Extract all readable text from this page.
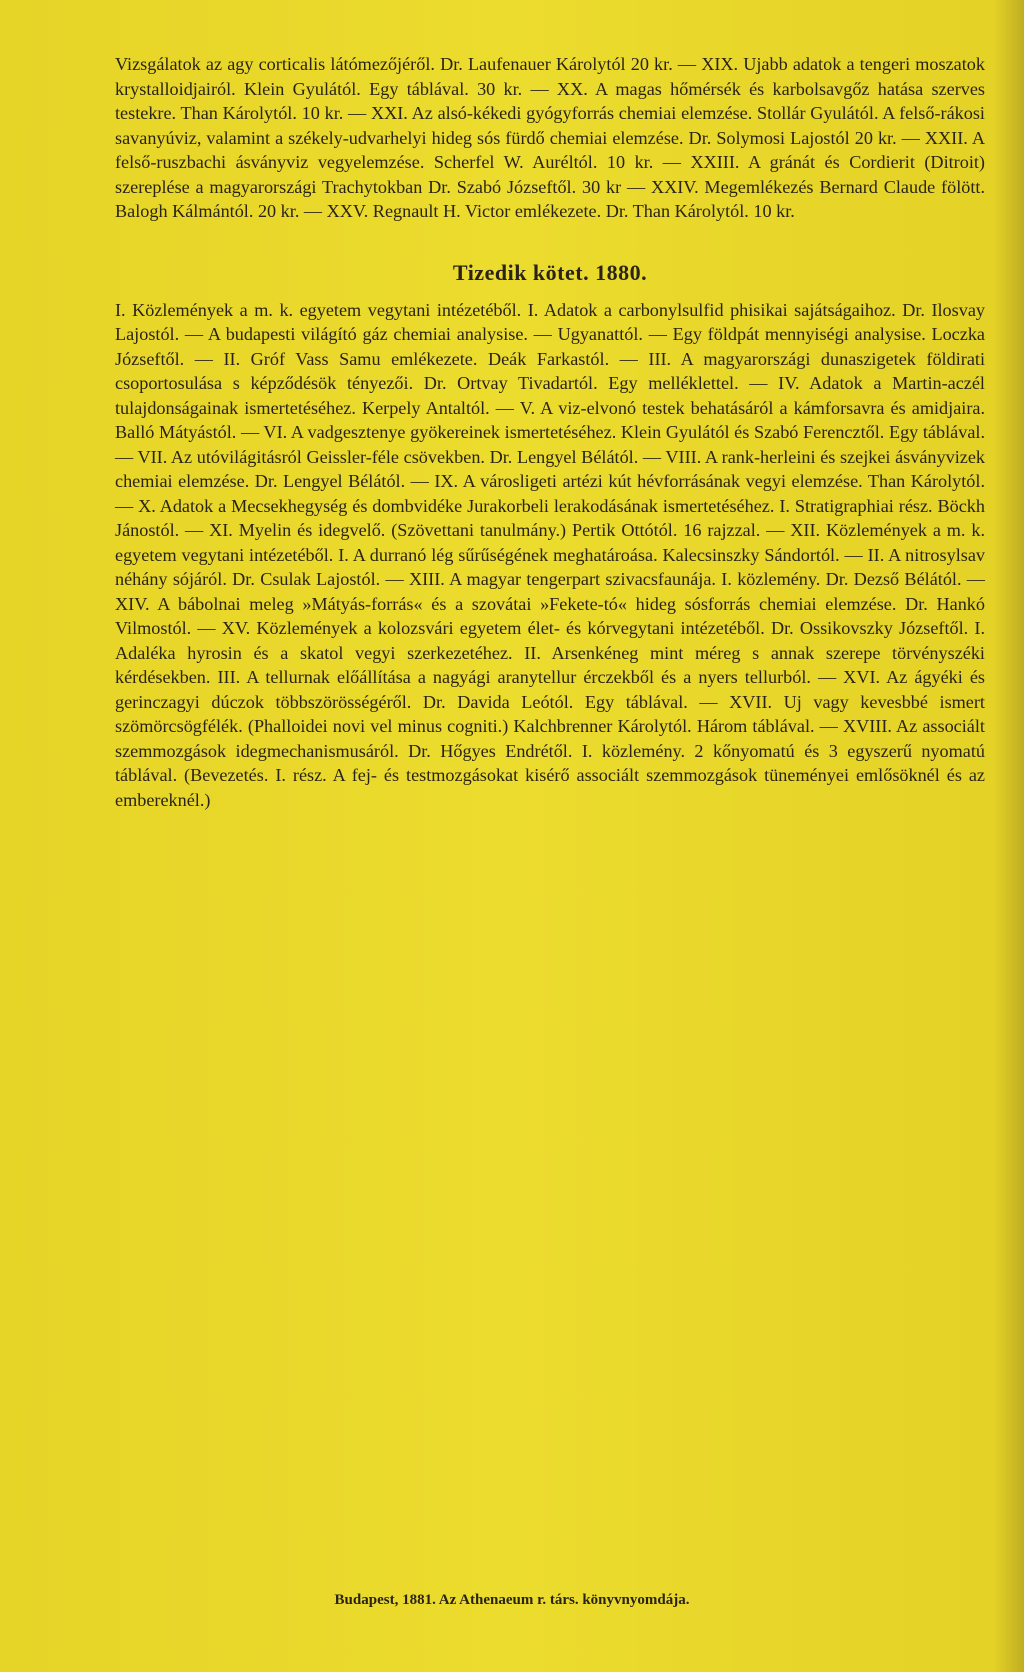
Vizsgálatok az agy corticalis látómezőjéről. Dr. Laufenauer Károlytól 20 kr. — XIX. Ujabb adatok a tengeri moszatok krystalloidjairól. Klein Gyulától. Egy táblával. 30 kr. — XX. A magas hőmérsék és karbolsavgőz hatása szerves testekre. Than Károlytól. 10 kr. — XXI. Az alsó-kékedi gyógyforrás chemiai elemzése. Stollár Gyulától. A felső-rákosi savanyúviz, valamint a székely-udvarhelyi hideg sós fürdő chemiai elemzése. Dr. Solymosi Lajostól 20 kr. — XXII. A felső-ruszbachi ásványviz vegyelemzése. Scherfel W. Auréltól. 10 kr. — XXIII. A gránát és Cordierit (Ditroit) szereplése a magyarországi Trachytokban Dr. Szabó Józseftől. 30 kr — XXIV. Megemlékezés Bernard Claude fölött. Balogh Kálmántól. 20 kr. — XXV. Regnault H. Victor emlékezete. Dr. Than Károlytól. 10 kr.

Tizedik kötet. 1880.

I. Közlemények a m. k. egyetem vegytani intézetéből. I. Adatok a carbonylsulfid phisikai sajátságaihoz. Dr. Ilosvay Lajostól. — A budapesti világító gáz chemiai analysise. — Ugyanattól. — Egy földpát mennyiségi analysise. Loczka Józseftől. — II. Gróf Vass Samu emlékezete. Deák Farkastól. — III. A magyarországi dunaszigetek földirati csoportosulása s képződésök tényezői. Dr. Ortvay Tivadartól. Egy melléklettel. — IV. Adatok a Martin-aczél tulajdonságainak ismertetéséhez. Kerpely Antaltól. — V. A viz-elvonó testek behatásáról a kámforsavra és amidjaira. Balló Mátyástól. — VI. A vadgesztenye gyökereinek ismertetéséhez. Klein Gyulától és Szabó Ferencztől. Egy táblával. — VII. Az utóvilágitásról Geissler-féle csövekben. Dr. Lengyel Bélától. — VIII. A rank-herleini és szejkei ásványvizek chemiai elemzése. Dr. Lengyel Bélától. — IX. A városligeti artézi kút hévforrásának vegyi elemzése. Than Károlytól. — X. Adatok a Mecsekhegység és dombvidéke Jurakorbeli lerakodásának ismertetéséhez. I. Stratigraphiai rész. Böckh Jánostól. — XI. Myelin és idegvelő. (Szövettani tanulmány.) Pertik Ottótól. 16 rajzzal. — XII. Közlemények a m. k. egyetem vegytani intézetéből. I. A durranó lég sűrűségének meghatároása. Kalecsinszky Sándortól. — II. A nitrosylsav néhány sójáról. Dr. Csulak Lajostól. — XIII. A magyar tengerpart szivacsfaunája. I. közlemény. Dr. Dezső Bélától. — XIV. A bábolnai meleg »Mátyás-forrás« és a szovátai »Fekete-tó« hideg sósforrás chemiai elemzése. Dr. Hankó Vilmostól. — XV. Közlemények a kolozsvári egyetem élet- és kórvegytani intézetéből. Dr. Ossikovszky Józseftől. I. Adaléka hyrosin és a skatol vegyi szerkezetéhez. II. Arsenkéneg mint méreg s annak szerepe törvényszéki kérdésekben. III. A tellurnak előállítása a nagyági aranytellur érczekből és a nyers tellurból. — XVI. Az ágyéki és gerinczagyi dúczok többszörösségéről. Dr. Davida Leótól. Egy táblával. — XVII. Uj vagy kevesbbé ismert szömörcsögfélék. (Phalloidei novi vel minus cogniti.) Kalchbrenner Károlytól. Három táblával. — XVIII. Az associált szemmozgások idegmechanismusáról. Dr. Hőgyes Endrétől. I. közlemény. 2 kőnyomatú és 3 egyszerű nyomatú táblával. (Bevezetés. I. rész. A fej- és testmozgásokat kisérő associált szemmozgások tüneményei emlősöknél és az embereknél.)

Budapest, 1881. Az Athenaeum r. társ. könyvnyomdája.
